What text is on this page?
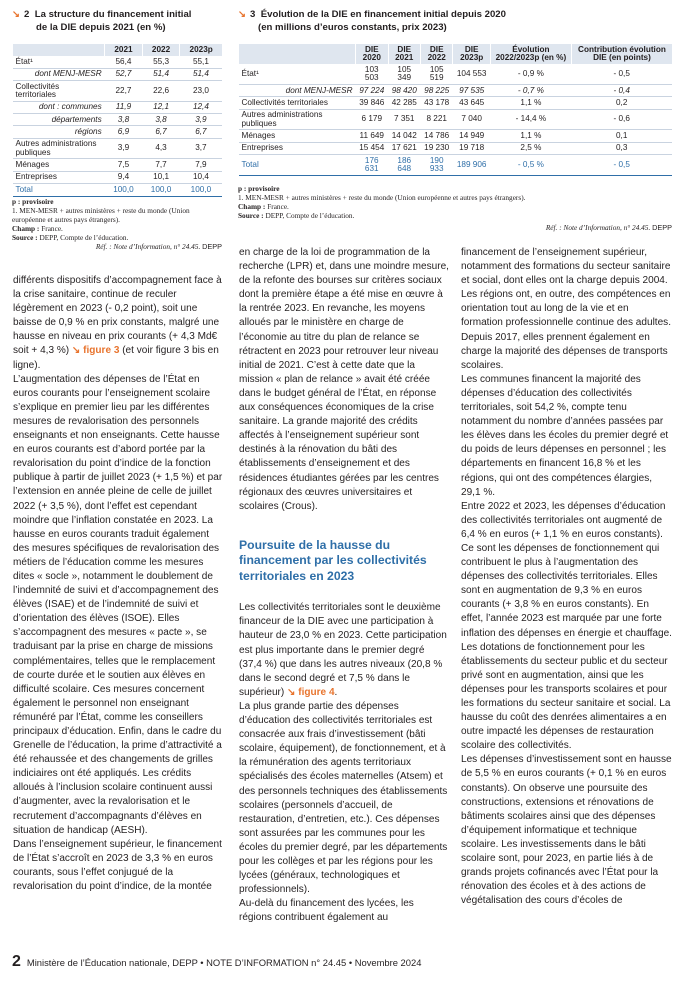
↘ 2 La structure du financement initial
de la DIE depuis 2021 (en %)
	2021	2022	2023p
État¹	56,4	55,3	55,1
dont MENJ-MESR	52,7	51,4	51,4
Collectivités territoriales	22,7	22,6	23,0
dont : communes	11,9	12,1	12,4
départements	3,8	3,8	3,9
régions	6,9	6,7	6,7
Autres administrations publiques	3,9	4,3	3,7
Ménages	7,5	7,7	7,9
Entreprises	9,4	10,1	10,4
Total	100,0	100,0	100,0
p : provisoire
1. MEN-MESR + autres ministères + reste du monde (Union européenne et autres pays étrangers).
Champ : France.
Source : DEPP, Compte de l’éducation.
Réf. : Note d’Information, n° 24.45. DEPP
↘ 3 Évolution de la DIE en financement initial depuis 2020
(en millions d’euros constants, prix 2023)
	DIE 2020	DIE 2021	DIE 2022	DIE 2023p	Évolution 2022/2023p (en %)	Contribution évolution DIE (en points)
État¹	103 503	105 349	105 519	104 553	- 0,9 %	- 0,5
dont MENJ-MESR	97 224	98 420	98 225	97 535	- 0,7 %	- 0,4
Collectivités territoriales	39 846	42 285	43 178	43 645	1,1 %	0,2
Autres administrations publiques	6 179	7 351	8 221	7 040	- 14,4 %	- 0,6
Ménages	11 649	14 042	14 786	14 949	1,1 %	0,1
Entreprises	15 454	17 621	19 230	19 718	2,5 %	0,3
Total	176 631	186 648	190 933	189 906	- 0,5 %	- 0,5
p : provisoire
1. MEN-MESR + autres ministères + reste du monde (Union européenne et autres pays étrangers).
Champ : France.
Source : DEPP, Compte de l’éducation.
Réf. : Note d’Information, n° 24.45. DEPP

différents dispositifs d’accompagnement face à la crise sanitaire, continue de reculer légèrement en 2023 (- 0,2 point), soit une baisse de 0,9 % en prix constants, malgré une hausse en niveau en prix courants (+ 4,3 Md€ soit + 4,3 %) ↘ figure 3 (et voir figure 3 bis en ligne).

L’augmentation des dépenses de l’État en euros courants pour l’enseignement scolaire s’explique en premier lieu par les différentes mesures de revalorisation des personnels enseignants et non enseignants. Cette hausse en euros courants est d’abord portée par la revalorisation du point d’indice de la fonction publique à partir de juillet 2023 (+ 1,5 %) et par l’extension en année pleine de celle de juillet 2022 (+ 3,5 %), dont l’effet est cependant moindre que l’inflation constatée en 2023. La hausse en euros courants traduit également des mesures spécifiques de revalorisation des métiers de l’éducation comme les mesures dites « socle », notamment le doublement de l’indemnité de suivi et d’accompagnement des élèves (ISAE) et de l’indemnité de suivi et d’orientation des élèves (ISOE). Elles s’accompagnent des mesures « pacte », se traduisant par la prise en charge de missions complémentaires, telles que le remplacement de courte durée et le soutien aux élèves en difficulté scolaire. Ces mesures concernent également le personnel non enseignant rémunéré par l’État, comme les conseillers principaux d’éducation. Enfin, dans le cadre du Grenelle de l’éducation, la prime d’attractivité a été rehaussée et des changements de grilles indiciaires ont été appliqués. Les crédits alloués à l’inclusion scolaire continuent aussi d’augmenter, avec la revalorisation et le recrutement d’accompagnants d’élèves en situation de handicap (AESH).

Dans l’enseignement supérieur, le financement de l’État s’accroît en 2023 de 3,3 % en euros courants, sous l’effet conjugué de la revalorisation du point d’indice, de la montée

en charge de la loi de programmation de la recherche (LPR) et, dans une moindre mesure, de la refonte des bourses sur critères sociaux dont la première étape a été mise en œuvre à la rentrée 2023. En revanche, les moyens alloués par le ministère en charge de l’économie au titre du plan de relance se rétractent en 2023 pour retrouver leur niveau initial de 2021. C’est à cette date que la mission « plan de relance » avait été créée dans le budget général de l’État, en réponse aux conséquences économiques de la crise sanitaire. La grande majorité des crédits affectés à l’enseignement supérieur sont destinés à la rénovation du bâti des établissements d’enseignement et des résidences étudiantes gérées par les centres régionaux des œuvres universitaires et scolaires (Crous).

Poursuite de la hausse du financement par les collectivités territoriales en 2023

Les collectivités territoriales sont le deuxième financeur de la DIE avec une participation à hauteur de 23,0 % en 2023. Cette participation est plus importante dans le premier degré (37,4 %) que dans les autres niveaux (20,8 % dans le second degré et 7,5 % dans le supérieur) ↘ figure 4.

La plus grande partie des dépenses d’éducation des collectivités territoriales est consacrée aux frais d’investissement (bâti scolaire, équipement), de fonctionnement, et à la rémunération des agents territoriaux spécialisés des écoles maternelles (Atsem) et des personnels techniques des établissements scolaires (personnels d’accueil, de restauration, d’entretien, etc.). Ces dépenses sont assurées par les communes pour les écoles du premier degré, par les départements pour les collèges et par les régions pour les lycées (généraux, technologiques et professionnels).

Au-delà du financement des lycées, les régions contribuent également au

financement de l’enseignement supérieur, notamment des formations du secteur sanitaire et social, dont elles ont la charge depuis 2004. Les régions ont, en outre, des compétences en orientation tout au long de la vie et en formation professionnelle continue des adultes. Depuis 2017, elles prennent également en charge la majorité des dépenses de transports scolaires.

Les communes financent la majorité des dépenses d’éducation des collectivités territoriales, soit 54,2 %, compte tenu notamment du nombre d’années passées par les élèves dans les écoles du premier degré et du poids de leurs dépenses en personnel ; les départements en financent 16,8 % et les régions, qui ont des compétences élargies, 29,1 %.

Entre 2022 et 2023, les dépenses d’éducation des collectivités territoriales ont augmenté de 6,4 % en euros (+ 1,1 % en euros constants). Ce sont les dépenses de fonctionnement qui contribuent le plus à l’augmentation des dépenses des collectivités territoriales. Elles sont en augmentation de 9,3 % en euros courants (+ 3,8 % en euros constants). En effet, l’année 2023 est marquée par une forte inflation des dépenses en énergie et chauffage. Les dotations de fonctionnement pour les établissements du secteur public et du secteur privé sont en augmentation, ainsi que les dépenses pour les transports scolaires et pour les formations du secteur sanitaire et social. La hausse du coût des denrées alimentaires a en outre impacté les dépenses de restauration scolaire des collectivités.

Les dépenses d’investissement sont en hausse de 5,5 % en euros courants (+ 0,1 % en euros constants). On observe une poursuite des constructions, extensions et rénovations de bâtiments scolaires ainsi que des dépenses d’équipement informatique et technique scolaire. Les investissements dans le bâti scolaire sont, pour 2023, en partie liés à de grands projets cofinancés avec l’État pour la rénovation des écoles et à des actions de végétalisation des cours d’écoles de

2 Ministère de l’Éducation nationale, DEPP • NOTE D’INFORMATION n° 24.45 • Novembre 2024
